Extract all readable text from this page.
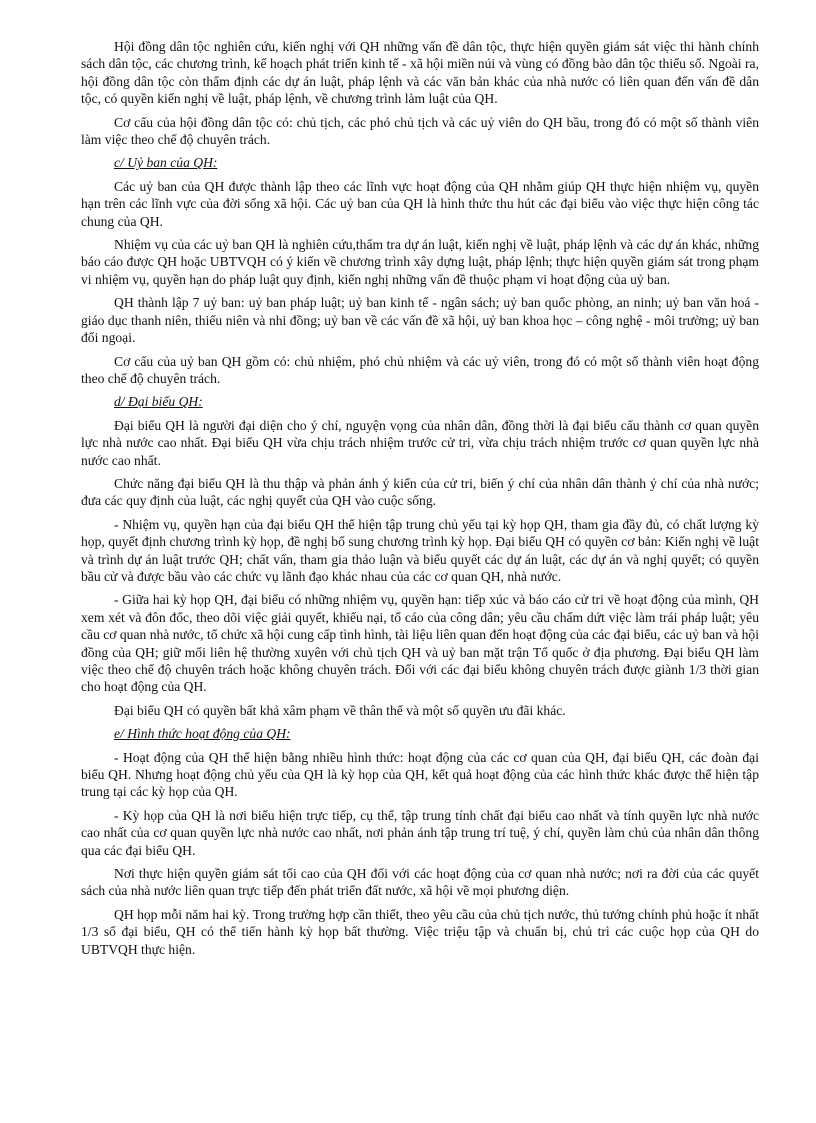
Hội đồng dân tộc nghiên cứu, kiến nghị với QH những vấn đề dân tộc, thực hiện quyền giám sát việc thi hành chính sách dân tộc, các chương trình, kế hoạch phát triển kinh tế - xã hội miền núi và vùng có đồng bào dân tộc thiểu số. Ngoài ra, hội đồng dân tộc còn thẩm định các dự án luật, pháp lệnh và các văn bản khác của nhà nước có liên quan đến vấn đề dân tộc, có quyền kiến nghị về luật, pháp lệnh, về chương trình làm luật của QH.

Cơ cấu của hội đồng dân tộc có: chủ tịch, các phó chủ tịch và các uỷ viên do QH bầu, trong đó có một số thành viên làm việc theo chế độ chuyên trách.

c/ Uỷ ban của QH:

Các uỷ ban của QH được thành lập theo các lĩnh vực hoạt động của QH nhằm giúp QH thực hiện nhiệm vụ, quyền hạn trên các lĩnh vực của đời sống xã hội. Các uỷ ban của QH là hình thức thu hút các đại biểu vào việc thực hiện công tác chung của QH.

Nhiệm vụ của các uỷ ban QH là nghiên cứu,thẩm tra dự án luật, kiến nghị về luật, pháp lệnh và các dự án khác, những báo cáo được QH hoặc UBTVQH có ý kiến về chương trình xây dựng luật, pháp lệnh; thực hiện quyền giám sát trong phạm vi nhiệm vụ, quyền hạn do pháp luật quy định, kiến nghị những vấn đề thuộc phạm vi hoạt động của uỷ ban.

QH thành lập 7 uỷ ban: uỷ ban pháp luật; uỷ ban kinh tế - ngân sách; uỷ ban quốc phòng, an ninh; uỷ ban văn hoá - giáo dục thanh niên, thiếu niên và nhi đồng; uỷ ban về các vấn đề xã hội, uỷ ban khoa học – công nghệ - môi trường; uỷ ban đối ngoại.

Cơ cấu của uỷ ban QH gồm có: chủ nhiệm, phó chủ nhiệm và các uỷ viên, trong đó có một số thành viên hoạt động theo chế độ chuyên trách.

d/ Đại biểu QH:

Đại biểu QH là người đại diện cho ý chí, nguyện vọng của nhân dân, đồng thời là đại biểu cấu thành cơ quan quyền lực nhà nước cao nhất. Đại biểu QH vừa chịu trách nhiệm trước cử tri, vừa chịu trách nhiệm trước cơ quan quyền lực nhà nước cao nhất.

Chức năng đại biểu QH là thu thập và phản ánh ý kiến của cử tri, biến ý chí của nhân dân thành ý chí của nhà nước; đưa các quy định của luật, các nghị quyết của QH vào cuộc sống.

- Nhiệm vụ, quyền hạn của đại biểu QH thể hiện tập trung chủ yếu tại kỳ họp QH, tham gia đầy đủ, có chất lượng kỳ họp, quyết định chương trình kỳ họp, đề nghị bổ sung chương trình kỳ họp. Đại biểu QH có quyền cơ bản: Kiến nghị về luật và trình dự án luật trước QH; chất vấn, tham gia thảo luận và biểu quyết các dự án luật, các dự án và nghị quyết; có quyền bầu cử và được bầu vào các chức vụ lãnh đạo khác nhau của các cơ quan QH, nhà nước.

- Giữa hai kỳ họp QH, đại biểu có những nhiệm vụ, quyền hạn: tiếp xúc và báo cáo cử tri về hoạt động của mình, QH xem xét và đôn đốc, theo dõi việc giải quyết, khiếu nại, tố cáo của công dân; yêu cầu chấm dứt việc làm trái pháp luật; yêu cầu cơ quan nhà nước, tổ chức xã hội cung cấp tình hình, tài liệu liên quan đến hoạt động của các đại biểu, các uỷ ban và hội đồng của QH; giữ mối liên hệ thường xuyên với chủ tịch QH và uỷ ban mặt trận Tổ quốc ở địa phương. Đại biểu QH làm việc theo chế độ chuyên trách hoặc không chuyên trách. Đối với các đại biểu không chuyên trách được giành 1/3 thời gian cho hoạt động của QH.

Đại biểu QH có quyền bất khả xâm phạm về thân thể và một số quyền ưu đãi khác.

e/ Hình thức hoạt động của QH:

- Hoạt động của QH thể hiện bằng nhiều hình thức: hoạt động của các cơ quan của QH, đại biểu QH, các đoàn đại biểu QH. Nhưng hoạt động chủ yếu của QH là kỳ họp của QH, kết quả hoạt động của các hình thức khác được thể hiện tập trung tại các kỳ họp của QH.

- Kỳ họp của QH là nơi biểu hiện trực tiếp, cụ thể, tập trung tính chất đại biểu cao nhất và tính quyền lực nhà nước cao nhất của cơ quan quyền lực nhà nước cao nhất, nơi phản ánh tập trung trí tuệ, ý chí, quyền làm chủ của nhân dân thông qua các đại biểu QH.

Nơi thực hiện quyền giám sát tối cao của QH đối với các hoạt động của cơ quan nhà nước; nơi ra đời của các quyết sách của nhà nước liên quan trực tiếp đến phát triển đất nước, xã hội về mọi phương diện.

QH họp mỗi năm hai kỳ. Trong trường hợp cần thiết, theo yêu cầu của chủ tịch nước, thủ tướng chính phủ hoặc ít nhất 1/3 số đại biểu, QH có thể tiến hành kỳ họp bất thường. Việc triệu tập và chuẩn bị, chủ trì các cuộc họp của QH do UBTVQH thực hiện.
